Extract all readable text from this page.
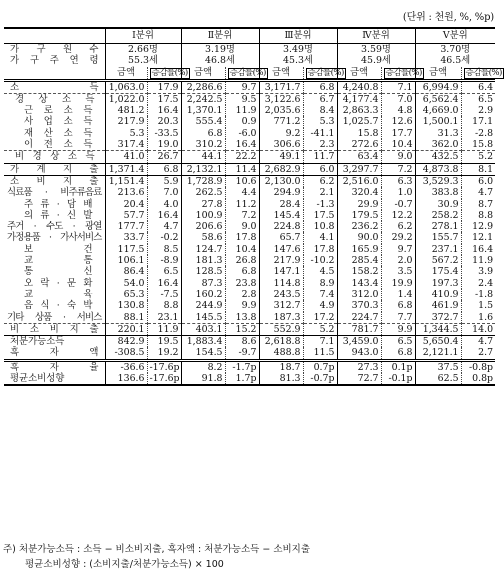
(단위 : 천원, %, %p)
	Ⅰ분위		Ⅱ분위		Ⅲ분위		Ⅳ분위		Ⅴ분위	
가 구 원 수	2.66명		3.19명		3.49명		3.59명		3.70명	
가 구 주 연 령	55.3세		46.8세		45.3세		45.9세		46.5세	
	금액	증감률(%)	금액	증감률(%)	금액	증감률(%)	금액	증감률(%)	금액	증감률(%)
소 득	1,063.0	17.9	2,286.6	9.7	3,171.7	6.8	4,240.8	7.1	6,994.9	6.4
경 상 소 득	1,022.0	17.5	2,242.5	9.5	3,122.6	6.7	4,177.4	7.0	6,562.4	6.5
근 로 소 득	481.2	16.4	1,370.1	11.9	2,035.6	8.4	2,863.3	4.8	4,669.0	2.9
사 업 소 득	217.9	20.3	555.4	0.9	771.2	5.3	1,025.7	12.6	1,500.1	17.1
재 산 소 득	5.3	-33.5	6.8	-6.0	9.2	-41.1	15.8	17.7	31.3	-2.8
이 전 소 득	317.4	19.0	310.2	16.4	306.6	2.3	272.6	10.4	362.0	15.8
비 경 상 소 득	41.0	26.7	44.1	22.2	49.1	11.7	63.4	9.0	432.5	5.2
가 계 지 출	1,371.4	6.8	2,132.1	11.4	2,682.9	6.0	3,297.7	7.2	4,873.8	8.1
소 비 지 출	1,151.4	5.9	1,728.9	10.6	2,130.0	6.2	2,516.0	6.3	3,529.3	6.0
식료품 · 비주류음료	213.6	7.0	262.5	4.4	294.9	2.1	320.4	1.0	383.8	4.7
주 류 · 담 배	20.4	4.0	27.8	11.2	28.4	-1.3	29.9	-0.7	30.9	8.7
의 류 · 신 발	57.7	16.4	100.9	7.2	145.4	17.5	179.5	12.2	258.2	8.8
주거 · 수도 · 광열	177.7	4.7	206.6	9.0	224.8	10.8	236.2	6.2	278.1	12.9
가정용품 · 가사서비스	33.7	-0.2	58.6	17.8	65.7	4.1	90.0	29.2	155.7	12.1
보 건	117.5	8.5	124.7	10.4	147.6	17.8	165.9	9.7	237.1	16.4
교 통	106.1	-8.9	181.3	26.8	217.9	-10.2	285.4	2.0	567.2	11.9
통 신	86.4	6.5	128.5	6.8	147.1	4.5	158.2	3.5	175.4	3.9
오 락 · 문 화	54.0	16.4	87.3	23.8	114.8	8.9	143.4	19.9	197.3	2.4
교 육	65.3	-7.5	160.2	2.8	243.5	7.4	312.0	1.4	410.9	-1.8
음 식 · 숙 박	130.8	8.8	244.9	9.9	312.7	4.9	370.3	6.8	461.9	1.5
기타 상품 · 서비스	88.1	23.1	145.5	13.8	187.3	17.2	224.7	7.7	372.7	1.6
비 소 비 지 출	220.1	11.9	403.1	15.2	552.9	5.2	781.7	9.9	1,344.5	14.0
처분가능소득	842.9	19.5	1,883.4	8.6	2,618.8	7.1	3,459.0	6.5	5,650.4	4.7
흑 자 액	-308.5	19.2	154.5	-9.7	488.8	11.5	943.0	6.8	2,121.1	2.7
흑 자 율	-36.6	-17.6p	8.2	-1.7p	18.7	0.7p	27.3	0.1p	37.5	-0.8p
평균소비성향	136.6	-17.6p	91.8	1.7p	81.3	-0.7p	72.7	-0.1p	62.5	0.8p
주) 처분가능소득 : 소득 − 비소비지출, 흑자액 : 처분가능소득 − 소비지출
평균소비성향 : (소비지출/처분가능소득) × 100
